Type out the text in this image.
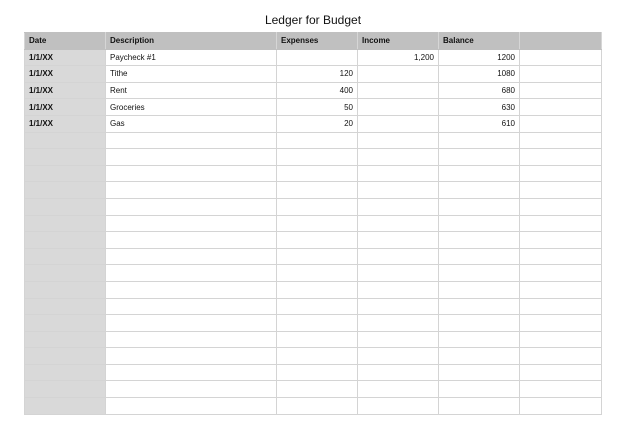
Ledger for Budget
Date	Description	Expenses	Income	Balance	
1/1/XX	Paycheck #1		1,200	1200	
1/1/XX	Tithe	120		1080	
1/1/XX	Rent	400		680	
1/1/XX	Groceries	50		630	
1/1/XX	Gas	20		610	
